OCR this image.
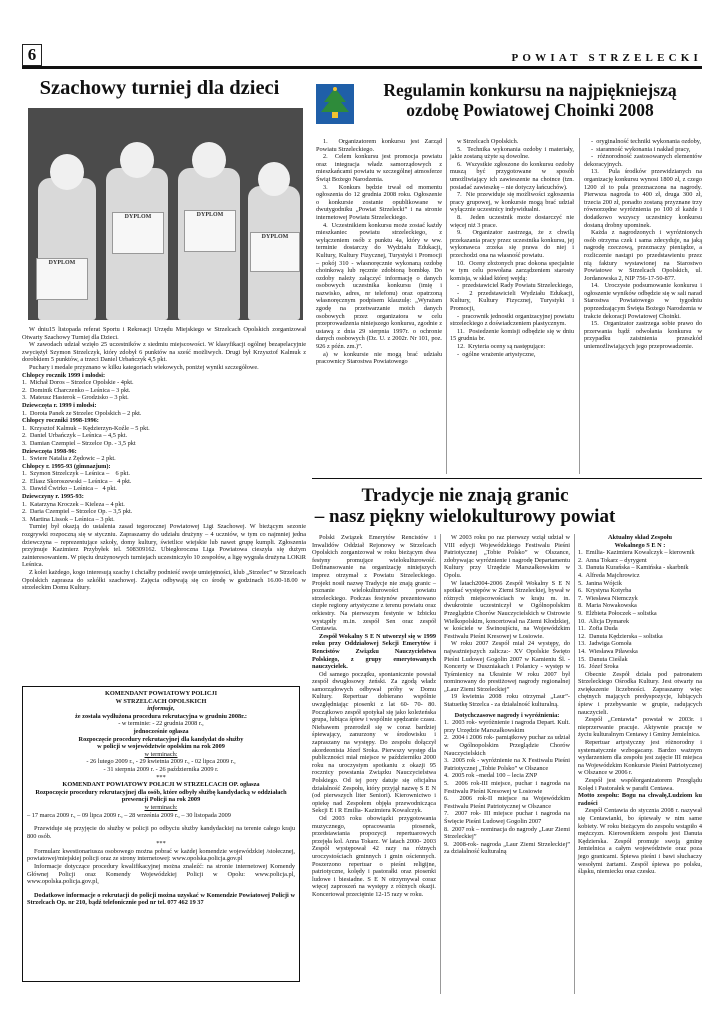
6	POWIAT STRZELECKI
Szachowy turniej dla dzieci
DYPLOM
DYPLOM	DYPLOM
DYPLOM

W dniu15 listopada referat Sportu i Rekreacji Urzędu Miejskiego w Strzelcach Opolskich zorganizował Otwarty Szachowy Turniej dla Dzieci.

W zawodach udział wzięło 25 uczestników z siedmiu miejscowości. W klasyfikacji ogólnej bezapelacyjnie zwyciężył Szymon Strzelczyk, który zdobył 6 punktów na sześć możliwych. Drugi był Krzysztof Kalmuk z dorobkiem 5 punktów, a trzeci Daniel Urbańczyk 4,5 pkt.

Puchary i medale przyznano w kilku kategoriach wiekowych, poniżej wyniki szczegółowe.

Chłopcy rocznik 1999 i młodsi:

1.  Michał Doros – Strzelce Opolskie - 4pkt.

2.  Dominik Charczenko – Leśnica – 3 pkt.

3.  Mateusz Hasterok – Grodzisko – 3 pkt.

Dziewczęta r. 1999 i młodsi:

1.  Dorota Panek ze Strzelec Opolskich – 2 pkt.

Chłopcy roczniki 1998-1996:

1.  Krzysztof Kalmuk – Kędzierzyn-Koźle – 5 pkt.

2.  Daniel Urbańczyk – Leśnica – 4,5 pkt.

3.  Damian Czempiel – Strzelce Op. - 3,5 pkt

Dziewczęta 1998-96:

1.  Swiere Natalia z Żędowic – 2 pkt.

Chłopcy r. 1995-93 (gimnazjum):

1.  Szymon Strzelczyk – Leśnica –    6 pkt.

2.  Eliasz Skoroszewski – Leśnica –   4 pkt.

3.  Dawid Ćwirko – Leśnica –   4 pkt.

Dziewczyny r. 1995-93:

1.  Katarzyna Kroczek – Kieleza – 4 pkt.

2.  Daria Czempiel – Strzelce Op. – 3,5 pkt.

3.  Martina Lissok – Leśnica – 3 pkt.

Turniej był okazją do ustalenia zasad tegorocznej Powiatowej Ligi Szachowej. W bieżącym sezonie rozgrywki rozpoczną się w styczniu. Zapraszamy do udziału drużyny – 4 uczniów, w tym co najmniej jedna dziewczyna – reprezentujące szkoły, domy kultury, świetlice wiejskie lub nawet grupę kumpli. Zgłoszenia przyjmuje Kazimierz Przybyłek tel. 508309162. Ubiegłoroczna Liga Powiatowa cieszyła się dużym zainteresowaniem. W pięciu drużynowych turniejach uczestniczyło 10 zespołów, a ligę wygrała drużyna LOKiR Leśnica.

Z kolei każdego, kogo interesują szachy i chciałby podnieść swoje umiejętności, klub „Strzelec” w Strzelcach Opolskich zaprasza do szkółki szachowej. Zajęcia odbywają się co środę w godzinach 16.00-18.00 w strzeleckim Domu Kultury.

KOMENDANT POWIATOWY POLICJI

W STRZELCACH OPOLSKICH

informuje,

że została wydłużona procedura rekrutacyjna w grudniu 2008r.:

- w terminie: - 22 grudnia 2008 r.,

jednocześnie ogłasza

Rozpoczęcie procedury rekrutacyjnej dla kandydat do służby

w policji w województwie opolskim na rok 2009

w terminach:

- 26 lutego 2009 r., - 29 kwietnia 2009 r., - 02 lipca 2009 r.,

- 31 sierpnia 2009 r. - 26 października 2009 r.

***

KOMENDANT POWIATOWY POLICJI W STRZELCACH OP. ogłasza

Rozpoczęcie procedury rekrutacyjnej dla osób, które odbyły służbę kandydacką w oddziałach prewencji Policji na rok 2009

w terminach:

– 17 marca 2009 r., – 09 lipca 2009 r., – 28 września 2009 r., – 30 listopada 2009

Przewiduje się przyjęcie do służby w policji po odbyciu służby kandydackiej na terenie całego kraju 800 osób.

***

Formularz kwestionariusza osobowego można pobrać w każdej komendzie wojewódzkiej /stołecznej, powiatowej/miejskiej policji oraz ze strony internetowej: www.opolska.policja.gov.pl

Informacje dotyczące procedury kwalifikacyjnej można znaleźć: na stronie internetowej Komendy Głównej Policji oraz Komendy Wojewódzkiej Policji w Opolu: www.policja.pl, www.opolska.policja.gov.pl,

Dodatkowe informacje o rekrutacji do policji można uzyskać w Komendzie Powiatowej Policji w Strzelcach Op. nr 210, bądź telefonicznie pod nr tel. 077 462 19 37

Regulamin konkursu na najpiękniejszą
ozdobę Powiatowej Choinki 2008

1.  Organizatorem konkursu jest Zarząd Powiatu Strzeleckiego.

2.  Celem konkursu jest promocja powiatu oraz integracja władz samorządowych z mieszkańcami powiatu w szczególnej atmosferze Świąt Bożego Narodzenia.

3.  Konkurs będzie trwał od momentu ogłoszenia do 12 grudnia 2008 roku. Ogłoszenie o konkursie zostanie opublikowane w dwutygodniku „Powiat Strzelecki” i na stronie internetowej Powiatu Strzeleckiego.

4.  Uczestnikiem konkursu może zostać każdy mieszkaniec powiatu strzeleckiego, z wyłączeniem osób z punktu 4a, który w ww. terminie dostarczy do Wydziału Edukacji, Kultury, Kultury Fizycznej, Turystyki i Promocji – pokój 310 - własnoręcznie wykonaną ozdobę choinkową lub ręcznie zdobioną bombkę. Do ozdoby należy załączyć informację o danych osobowych uczestnika konkursu (imię i nazwisko, adres, nr telefonu) oraz opatrzoną własnoręcznym podpisem klauzulę: „Wyrażam zgodę na przetwarzanie moich danych osobowych przez organizatora w celu przeprowadzenia niniejszego konkursu, zgodnie z ustawą z dnia 29 sierpnia 1997r. o ochronie danych osobowych (Dz. U. z 2002r. Nr 101, poz. 926 z późn. zm.)”.

a) w konkursie nie mogą brać udziału pracownicy Starostwa Powiatowego

w Strzelcach Opolskich.

5.  Technika wykonania ozdoby i materiały, jakie zostaną użyte są dowolne.

6.  Wszystkie zgłoszone do konkursu ozdoby muszą być przygotowane w sposób umożliwiający ich zawieszenie na choince (tzn. posiadać zawieszkę – nie dotyczy łańcuchów).

7.  Nie przewiduje się możliwości zgłoszenia pracy grupowej, w konkursie mogą brać udział wyłącznie uczestnicy indywidualni.

8.  Jeden uczestnik może dostarczyć nie więcej niż 3 prace.

9.  Organizator zastrzega, że z chwilą przekazania pracy przez uczestnika konkursu, jej wykonawca zrzeka się prawa do niej i przechodzi ona na własność powiatu.

10.  Oceny złożonych prac dokona specjalnie w tym celu powołana zarządzeniem starosty komisja, w skład której wejdą:

-  przedstawiciel Rady Powiatu Strzeleckiego,

-  2 przedstawicieli Wydziału Edukacji, Kultury, Kultury Fizycznej, Turystyki i Promocji,

-  pracownik jednostki organizacyjnej powiatu strzeleckiego z doświadczeniem plastycznym.

11.  Posiedzenie komisji odbędzie się w dniu 15 grudnia br.

12.  Kryteria oceny są następujące:

-  ogólne wrażenie artystyczne,

-  oryginalność techniki wykonania ozdoby,

-  staranność wykonania i nakład pracy,

-  różnorodność zastosowanych elementów dekoracyjnych.

13.  Pula środków przewidzianych na organizację konkursu wynosi 1800 zł, z czego 1200 zł to pula przeznaczona na nagrody. Pierwsza nagroda to 400 zł, druga 300 zł, trzecia 200 zł, ponadto zostaną przyznane trzy równorzędne wyróżnienia po 100 zł każde i dodatkowo wszyscy uczestnicy konkursu dostaną drobny upominek.

Każda z nagrodzonych i wyróżnionych osób otrzyma czek i sama zdecyduje, na jaką nagrodę rzeczową, przeznaczy pieniądze, a rozliczenie nastąpi po przedstawieniu przez nią faktury wystawionej na Starostwo Powiatowe w Strzelcach Opolskich, ul. Jordanowska 2, NIP 756-17-50-877.

14.  Uroczyste podsumowanie konkursu i ogłoszenie wyników odbędzie się w sali narad Starostwa Powiatowego w tygodniu poprzedzającym Święta Bożego Narodzenia w trakcie dekoracji Powiatowej Choinki.

15.  Organizator zastrzega sobie prawo do przerwania bądź odwołania konkursu w przypadku zaistnienia przeszkód uniemożliwiających jego przeprowadzenie.

Tradycje nie znają granic
– nasz piękny wielokulturowy powiat

Polski Związek Emerytów Rencistów i Inwalidów Oddział Rejonowy w Strzelcach Opolskich zorganizował w roku bieżącym dwa festyny promujące wielokulturowość. Dofinansowanie na organizację niniejszych imprez otrzymał z Powiatu Strzeleckiego. Projekt nosił nazwę Tradycje nie znają granic – poznanie wielokulturowości powiatu strzeleckiego. Podczas festynów prezentowano ciepłe regiony artystyczne z terenu powiatu oraz orkiestry. Na pierwszym festynie w Izbicku wystąpiły m.in. zespół Sen oraz zespół Centawia.

Zespół Wokalny S E N utworzył się w 1999 roku przy Oddziałowej Sekcji Emerytów i Rencistów Związku Nauczycielstwa Polskiego, z grupy emerytowanych nauczycielek.

Od samego początku, spontanicznie powstał zespół dwugłosowy żeński. Za zgodą władz samorządowych odbywał próby w Domu Kultury. Repertuar dobierano wspólnie uwzględniając piosenki z lat 60- 70- 80. Początkowo zespół spotykał się jako koleżeńska grupa, lubiąca śpiew i wspólnie spędzanie czasu. Niebawem przerodził się w coraz bardziej śpiewający, zanurzony w środowisku i zapraszany na występy. Do zespołu dołączył akordeonista Józef Sroka. Pierwszy występ dla publiczności miał miejsce w październiku 2000 roku na uroczystym spotkaniu z okazji 95 rocznicy powstania Związku Nauczycielstwa Polskiego. Od tej pory datuje się oficjalna działalność Zespołu, który przyjął nazwę S E N (od pierwszych liter Seniori). Kierownictwo i opiekę nad Zespołem objęła przewodnicząca Sekcji E i R Emilia- Kazimiera Kowalczyk.

Od 2003 roku obowiązki przygotowania muzycznego, opracowania piosenek, przedstawiania propozycji repertuarowych przejęła kol. Anna Tokarz. W latach 2000- 2003 Zespół występował 42 razy na różnych uroczystościach gminnych i gmin ościennych. Poszerzono repertuar o pieśni religijne, patriotyczne, kolędy i pastorałki oraz piosenki ludowe i biesiadne. S E N otrzymywał coraz więcej zaproszeń na występy z różnych okazji. Koncertował przeciętnie 12-15 razy w roku.

W 2003 roku po raz pierwszy wziął udział w VIII edycji Wojewódzkiego Festiwalu Pieśni Patriotycznej „Tobie Polsko” w Olszance, zdobywając wyróżnienie i nagrodę Departamentu Kultury przy Urzędzie Marszałkowskim w Opolu.

W latach2004-2006 Zespół Wokalny S E N spotkać występów w Ziemi Strzeleckiej, bywał w różnych miejscowościach w kraju m. in. dwukrotnie uczestniczył w Ogólnopolskim Przeglądzie Chorów Nauczycielskich w Ostrowie Wielkopolskim, koncertował na Ziemi Kłodzkiej, w kościele w Świnoujściu, na Wojewódzkim Festiwalu Pieśni Kresowej w Losiowie.

W roku 2007 Zespół miał 24 występy, do najważniejszych zalicza:- XV Opolskie Święto Pieśni Ludowej Gogolin 2007 w Kamieniu Śl. - Koncerty w Duszniakach i Polanicy - występ w Tyśmienicy na Ukrainie W roku 2007 był nominowany do prestiżowej nagrody regionalnej „Laur Ziemi Strzeleckiej”

19 kwietnia 2008 roku otrzymał „Laur”- Statuetkę Strzelca - za działalność kulturalną.

Dotychczasowe nagrody i wyróżnienia:

1.  2003 rok- wyróżnienie i nagroda Depart. Kult. przy Urzędzie Marszałkowskim

2.  2004 i 2006 rok- pamiątkowy puchar za udział w Ogólnopolskim Przeglądzie Chorów Nauczycielskich

3.  2005 rok - wyróżnienie na X Festiwalu Pieśni Patriotycznej „Tobie Polsko” w Olszance

4.  2005 rok –medal 100 – lecia ZNP

5.  2006 rok-III miejsce, puchar i nagroda na Festiwalu Pieśni Kresowej w Losiowie

6.  2006 rok-II miejsce na Wojewódzkim Festiwalu Pieśni Patriotycznej w Olszance

7.  2007 rok- III miejsce puchar i nagroda na Święcie Pieśni Ludowej Gogolin 2007

8.  2007 rok – nominacja do nagrody „Laur Ziemi Strzeleckiej”

9.  2008-rok- nagroda „Laur Ziemi Strzeleckiej” za działalność kulturalną

Aktualny skład Zespołu

Wokalnego S E N :

1.  Emilia- Kazimiera Kowalczyk – kierownik

2.  Anna Tokarz – dyrygent

3.  Danuta Kurańska – Kamińska - skarbnik

4.  Alfreda Majchrowicz

5.  Janina Wójcik

6.  Krystyna Kotyrba

7.  Wiesława Niemczyk

8.  Maria Nowakowska

9.  Elżbieta Połoczek – solistka

10.  Alicja Dymarek

11.  Zofia Duda

12.  Danuta Kędzierska – solistka

13.  Jadwiga Gomoła

14.  Wiesława Piławska

15.  Danuta Cieślak

16.  Józef Sroka

Obecnie Zespół działa pod patronatem Strzeleckiego Ośrodka Kultury. Jest otwarty na zwiększenie liczebności. Zapraszamy więc chętnych mających predyspozycje, lubiących śpiew i przebywanie w grupie, radujących nauczycieli.

Zespół „Centawia” powstał w 2003r. i nieprzerwanie pracuje. Aktywnie pracuje w życiu kulturalnym Centawy i Gminy Jemielnica.

Repertuar artystyczny jest różnorodny i systematycznie wzbogacany. Bardzo ważnym wydarzeniem dla zespołu jest zajęcie III miejsca na Wojewódzkim Konkursie Pieśni Patriotycznej w Olszance w 2006 r.

Zespół jest współorganizatorem Przeglądu Kolęd i Pastorałek w parafii Centawa.

Motto zespołu: Bogu na chwałę,Ludziom ku radości

Zespół Centawia do stycznia 2008 r. nazywał się Centawianki, bo śpiewały w nim same kobiety. W roku bieżącym do zespołu wstąpiło 4 mężczyzn. Kierownikiem zespołu jest Danuta Kędzierska. Zespół promuje swoją gminę Jemielnica a całym województwie oraz poza jego granicami. Śpiewa pieśni i bawi słuchaczy wesołymi żartami. Zespół śpiewa po polsku, śląsku, niemiecku oraz czesku.
